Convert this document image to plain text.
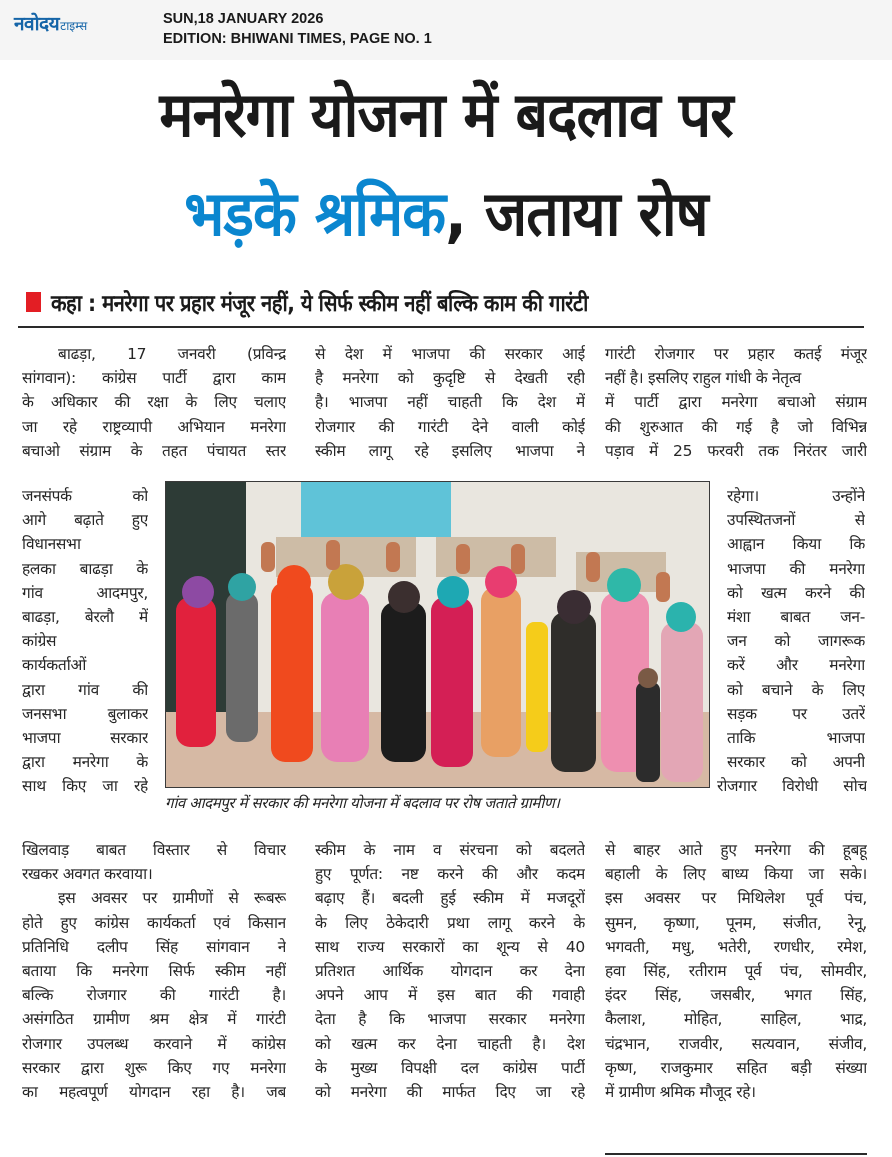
नवोदय टाइम्स	SUN,18 JANUARY 2026
EDITION: BHIWANI TIMES, PAGE NO. 1
मनरेगा योजना में बदलाव पर
भड़के श्रमिक, जताया रोष
कहा : मनरेगा पर प्रहार मंजूर नहीं, ये सिर्फ स्कीम नहीं बल्कि काम की गारंटी
बाढड़ा, 17 जनवरी (प्रविन्द्र
सांगवान): कांग्रेस पार्टी द्वारा काम
के अधिकार की रक्षा के लिए चलाए
जा रहे राष्ट्रव्यापी अभियान मनरेगा
बचाओ संग्राम के तहत पंचायत स्तर
जनसंपर्क को
आगे बढ़ाते हुए
विधानसभा
हलका बाढड़ा के
गांव आदमपुर,
बाढड़ा, बेरलौ में
कांग्रेस
कार्यकर्ताओं
द्वारा गांव की
जनसभा बुलाकर
भाजपा सरकार
द्वारा मनरेगा के
साथ किए जा रहे
खिलवाड़ बाबत विस्तार से विचार
रखकर अवगत करवाया।
इस अवसर पर ग्रामीणों से रूबरू
होते हुए कांग्रेस कार्यकर्ता एवं किसान
प्रतिनिधि दलीप सिंह सांगवान ने
बताया कि मनरेगा सिर्फ स्कीम नहीं
बल्कि रोजगार की गारंटी है।
असंगठित ग्रामीण श्रम क्षेत्र में गारंटी
रोजगार उपलब्ध करवाने में कांग्रेस
सरकार द्वारा शुरू किए गए मनरेगा
का महत्वपूर्ण योगदान रहा है। जब
से देश में भाजपा की सरकार आई
है मनरेगा को कुदृष्टि से देखती रही
है। भाजपा नहीं चाहती कि देश में
रोजगार की गारंटी देने वाली कोई
स्कीम लागू रहे इसलिए भाजपा ने
स्कीम के नाम व संरचना को बदलते
हुए पूर्णत: नष्ट करने की और कदम
बढ़ाए हैं। बदली हुई स्कीम में मजदूरों
के लिए ठेकेदारी प्रथा लागू करने के
साथ राज्य सरकारों का शून्य से 40
प्रतिशत आर्थिक योगदान कर देना
अपने आप में इस बात की गवाही
देता है कि भाजपा सरकार मनरेगा
को खत्म कर देना चाहती है। देश
के मुख्य विपक्षी दल कांग्रेस पार्टी
को मनरेगा की मार्फत दिए जा रहे
गारंटी रोजगार पर प्रहार कतई मंजूर
नहीं है। इसलिए राहुल गांधी के नेतृत्व
में पार्टी द्वारा मनरेगा बचाओ संग्राम
की शुरुआत की गई है जो विभिन्न
पड़ाव में 25 फरवरी तक निरंतर जारी
रहेगा। उन्होंने
उपस्थितजनों से
आह्वान किया कि
भाजपा की मनरेगा
को खत्म करने की
मंशा बाबत जन-
जन को जागरूक
करें और मनरेगा
को बचाने के लिए
सड़क पर उतरें
ताकि भाजपा
सरकार को अपनी
रोजगार विरोधी सोच
से बाहर आते हुए मनरेगा की हूबहू
बहाली के लिए बाध्य किया जा सके।
इस अवसर पर मिथिलेश पूर्व पंच,
सुमन, कृष्णा, पूनम, संजीत, रेनू,
भगवती, मधु, भतेरी, रणधीर, रमेश,
हवा सिंह, रतीराम पूर्व पंच, सोमवीर,
इंदर सिंह, जसबीर, भगत सिंह,
कैलाश, मोहित, साहिल, भाद्र,
चंद्रभान, राजवीर, सत्यवान, संजीव,
कृष्ण, राजकुमार सहित बड़ी संख्या
में ग्रामीण श्रमिक मौजूद रहे।
गांव आदमपुर में सरकार की मनरेगा योजना में बदलाव पर रोष जताते ग्रामीण।
